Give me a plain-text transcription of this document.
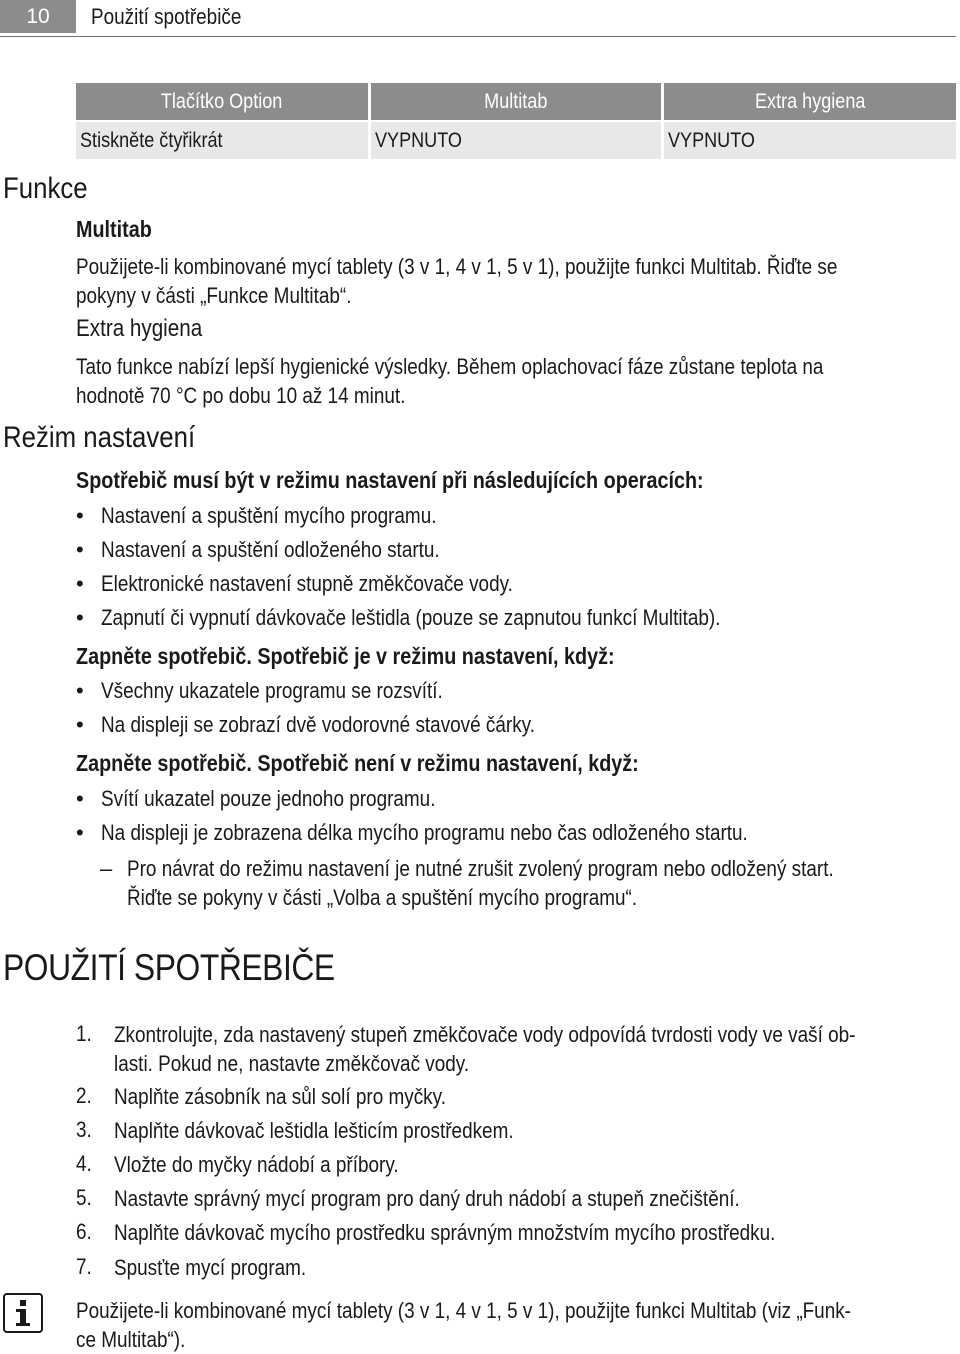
10 Použití spotřebiče
Tlačítko Option	Multitab	Extra hygiena
Stiskněte čtyřikrát	VYPNUTO	VYPNUTO
Funkce
Multitab
Použijete-li kombinované mycí tablety (3 v 1, 4 v 1, 5 v 1), použijte funkci Multitab. Řiďte se
pokyny v části „Funkce Multitab“.
Extra hygiena
Tato funkce nabízí lepší hygienické výsledky. Během oplachovací fáze zůstane teplota na
hodnotě 70 °C po dobu 10 až 14 minut.
Režim nastavení
Spotřebič musí být v režimu nastavení při následujících operacích:
• Nastavení a spuštění mycího programu.
• Nastavení a spuštění odloženého startu.
• Elektronické nastavení stupně změkčovače vody.
• Zapnutí či vypnutí dávkovače leštidla (pouze se zapnutou funkcí Multitab).
Zapněte spotřebič. Spotřebič je v režimu nastavení, když:
• Všechny ukazatele programu se rozsvítí.
• Na displeji se zobrazí dvě vodorovné stavové čárky.
Zapněte spotřebič. Spotřebič není v režimu nastavení, když:
• Svítí ukazatel pouze jednoho programu.
• Na displeji je zobrazena délka mycího programu nebo čas odloženého startu.
– Pro návrat do režimu nastavení je nutné zrušit zvolený program nebo odložený start.
Řiďte se pokyny v části „Volba a spuštění mycího programu“.
POUŽITÍ SPOTŘEBIČE
1. Zkontrolujte, zda nastavený stupeň změkčovače vody odpovídá tvrdosti vody ve vaší ob-
lasti. Pokud ne, nastavte změkčovač vody.
2. Naplňte zásobník na sůl solí pro myčky.
3. Naplňte dávkovač leštidla lešticím prostředkem.
4. Vložte do myčky nádobí a příbory.
5. Nastavte správný mycí program pro daný druh nádobí a stupeň znečištění.
6. Naplňte dávkovač mycího prostředku správným množstvím mycího prostředku.
7. Spusťte mycí program.
Použijete-li kombinované mycí tablety (3 v 1, 4 v 1, 5 v 1), použijte funkci Multitab (viz „Funk-
ce Multitab“).
